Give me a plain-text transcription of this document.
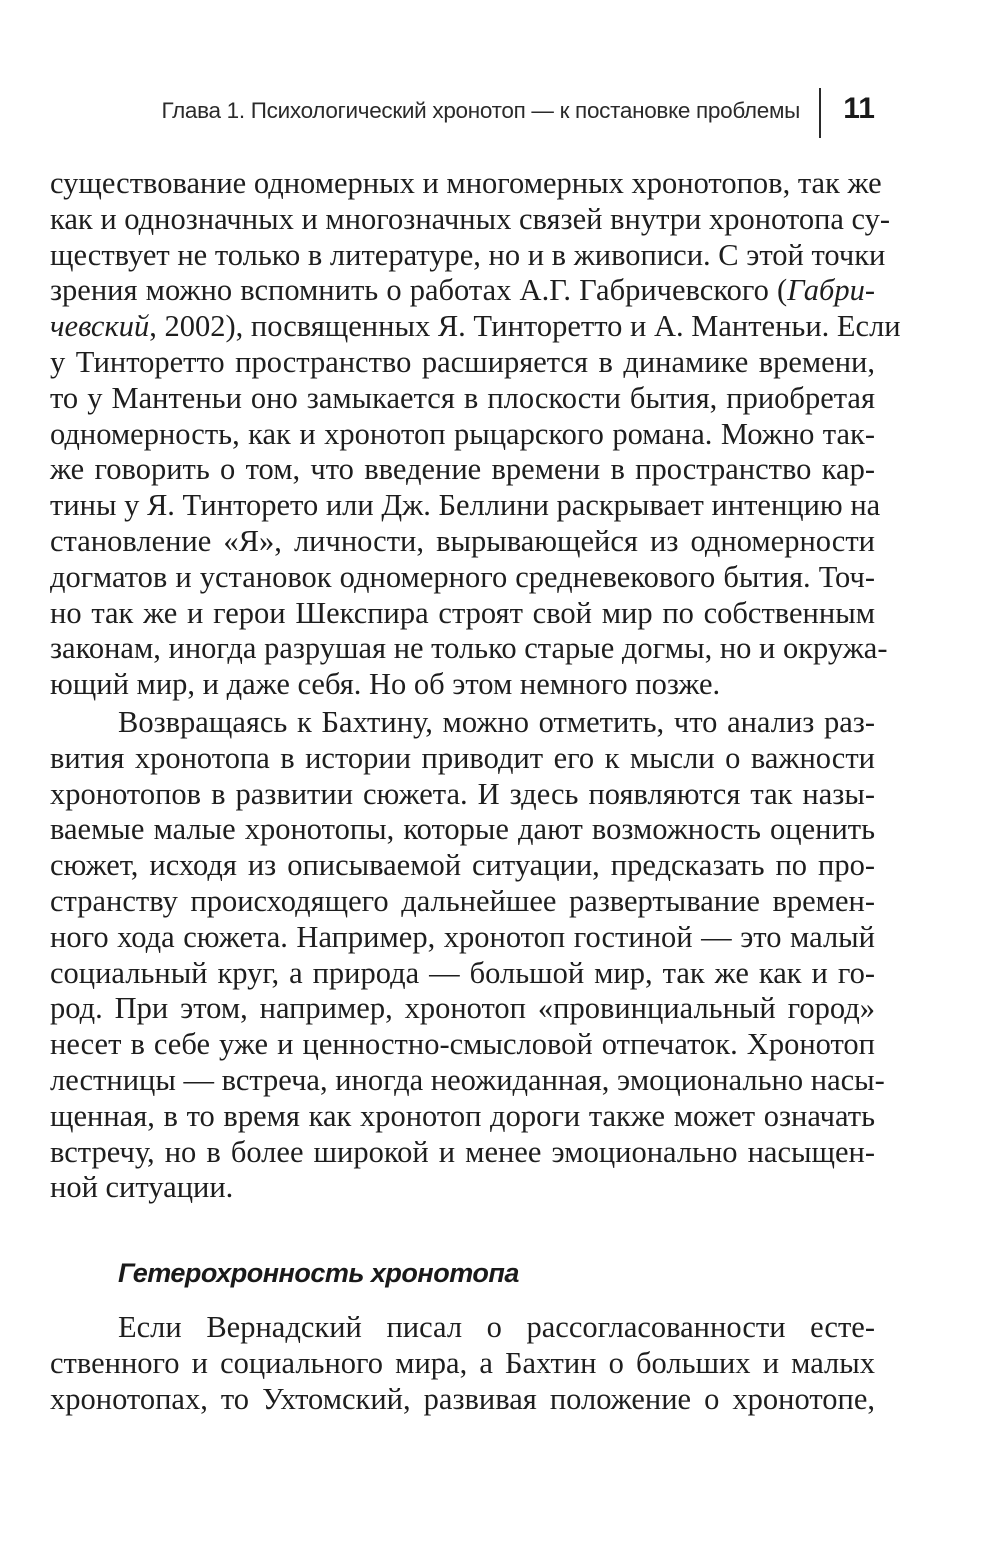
Глава 1. Психологический хронотоп — к постановке проблемы 11
существование одномерных и многомерных хронотопов, так же
как и однозначных и многозначных связей внутри хронотопа су-
ществует не только в литературе, но и в живописи. С этой точки
зрения можно вспомнить о работах А.Г. Габричевского (Габри-
чевский, 2002), посвященных Я. Тинторетто и А. Мантеньи. Если
у Тинторетто пространство расширяется в динамике времени,
то у Мантеньи оно замыкается в плоскости бытия, приобретая
одномерность, как и хронотоп рыцарского романа. Можно так-
же говорить о том, что введение времени в пространство кар-
тины у Я. Тинторето или Дж. Беллини раскрывает интенцию на
становление «Я», личности, вырывающейся из одномерности
догматов и установок одномерного средневекового бытия. Точ-
но так же и герои Шекспира строят свой мир по собственным
законам, иногда разрушая не только старые догмы, но и окружа-
ющий мир, и даже себя. Но об этом немного позже.
Возвращаясь к Бахтину, можно отметить, что анализ раз-
вития хронотопа в истории приводит его к мысли о важности
хронотопов в развитии сюжета. И здесь появляются так назы-
ваемые малые хронотопы, которые дают возможность оценить
сюжет, исходя из описываемой ситуации, предсказать по про-
странству происходящего дальнейшее развертывание времен-
ного хода сюжета. Например, хронотоп гостиной — это малый
социальный круг, а природа — большой мир, так же как и го-
род. При этом, например, хронотоп «провинциальный город»
несет в себе уже и ценностно-смысловой отпечаток. Хронотоп
лестницы — встреча, иногда неожиданная, эмоционально насы-
щенная, в то время как хронотоп дороги также может означать
встречу, но в более широкой и менее эмоционально насыщен-
ной ситуации.
Гетерохронность хронотопа
Если Вернадский писал о рассогласованности есте-
ственного и социального мира, а Бахтин о больших и малых
хронотопах, то Ухтомский, развивая положение о хронотопе,
